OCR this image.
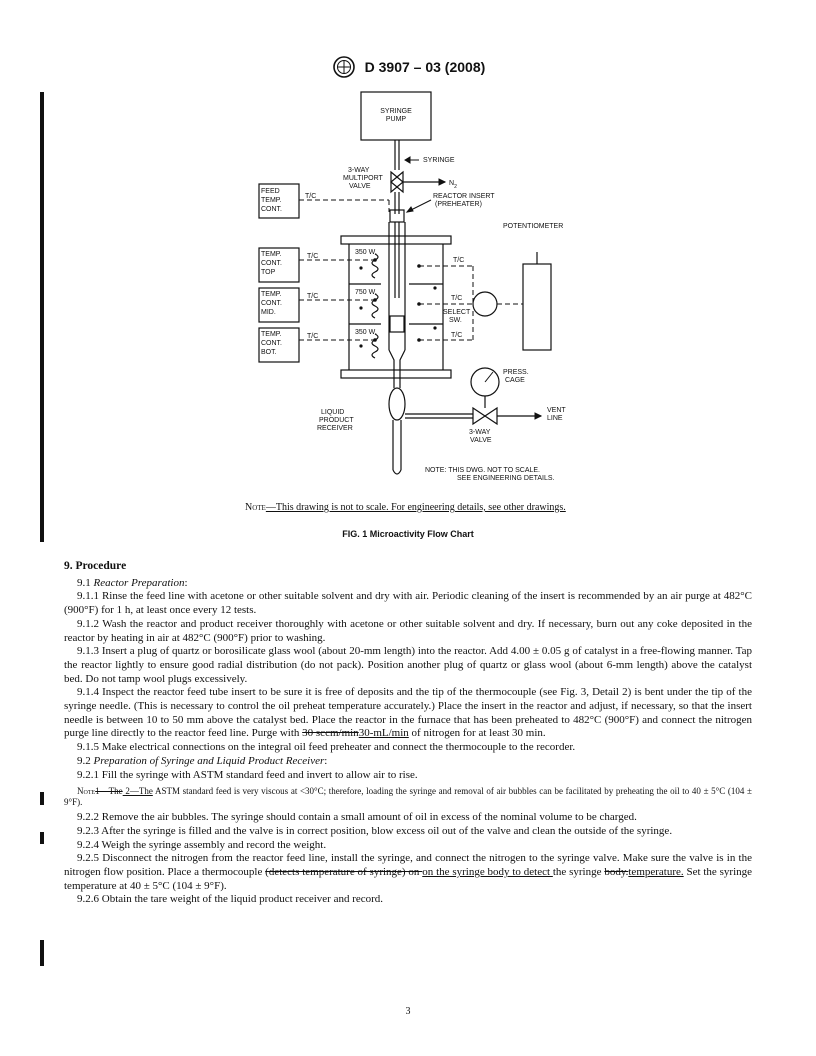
D 3907 – 03 (2008)
SYRINGE
PUMP
SYRINGE
3-WAY
MULTIPORT
VALVE	$N_2$
FEED
TEMP.
CONT.
T/C	REACTOR INSERT
(PREHEATER)
POTENTIOMETER
TEMP.
CONT.
TOP
TEMP.
CONT.
MID.
TEMP.
CONT.
BOT.
T/C
T/C
T/C
350 W.
750 W.
350 W.
T/C
T/C
T/C
SELECT
SW.
PRESS.
CAGE
LIQUID
PRODUCT
RECEIVER
VENT
LINE
3-WAY
VALVE
NOTE: THIS DWG. NOT TO SCALE.
SEE ENGINEERING DETAILS.
Note—This drawing is not to scale. For engineering details, see other drawings.
FIG. 1 Microactivity Flow Chart

9. Procedure

9.1 Reactor Preparation:

9.1.1 Rinse the feed line with acetone or other suitable solvent and dry with air. Periodic cleaning of the insert is recommended by an air purge at 482°C (900°F) for 1 h, at least once every 12 tests.

9.1.2 Wash the reactor and product receiver thoroughly with acetone or other suitable solvent and dry. If necessary, burn out any coke deposited in the reactor by heating in air at 482°C (900°F) prior to washing.

9.1.3 Insert a plug of quartz or borosilicate glass wool (about 20-mm length) into the reactor. Add 4.00 ± 0.05 g of catalyst in a free-flowing manner. Tap the reactor lightly to ensure good radial distribution (do not pack). Position another plug of quartz or glass wool (about 6-mm length) above the catalyst bed. Do not tamp wool plugs excessively.

9.1.4 Inspect the reactor feed tube insert to be sure it is free of deposits and the tip of the thermocouple (see Fig. 3, Detail 2) is bent under the tip of the syringe needle. (This is necessary to control the oil preheat temperature accurately.) Place the insert in the reactor and adjust, if necessary, so that the insert needle is between 10 to 50 mm above the catalyst bed. Place the reactor in the furnace that has been preheated to 482°C (900°F) and connect the nitrogen purge line directly to the reactor feed line. Purge with 30 sccm/min30-mL/min of nitrogen for at least 30 min.

9.1.5 Make electrical connections on the integral oil feed preheater and connect the thermocouple to the recorder.

9.2 Preparation of Syringe and Liquid Product Receiver:

9.2.1 Fill the syringe with ASTM standard feed and invert to allow air to rise.

Note1—The 2—The ASTM standard feed is very viscous at <30°C; therefore, loading the syringe and removal of air bubbles can be facilitated by preheating the oil to 40 ± 5°C (104 ± 9°F).

9.2.2 Remove the air bubbles. The syringe should contain a small amount of oil in excess of the nominal volume to be charged.

9.2.3 After the syringe is filled and the valve is in correct position, blow excess oil out of the valve and clean the outside of the syringe.

9.2.4 Weigh the syringe assembly and record the weight.

9.2.5 Disconnect the nitrogen from the reactor feed line, install the syringe, and connect the nitrogen to the syringe valve. Make sure the valve is in the nitrogen flow position. Place a thermocouple (detects temperature of syringe) on on the syringe body to detect the syringe body.temperature. Set the syringe temperature at 40 ± 5°C (104 ± 9°F).

9.2.6 Obtain the tare weight of the liquid product receiver and record.

3
